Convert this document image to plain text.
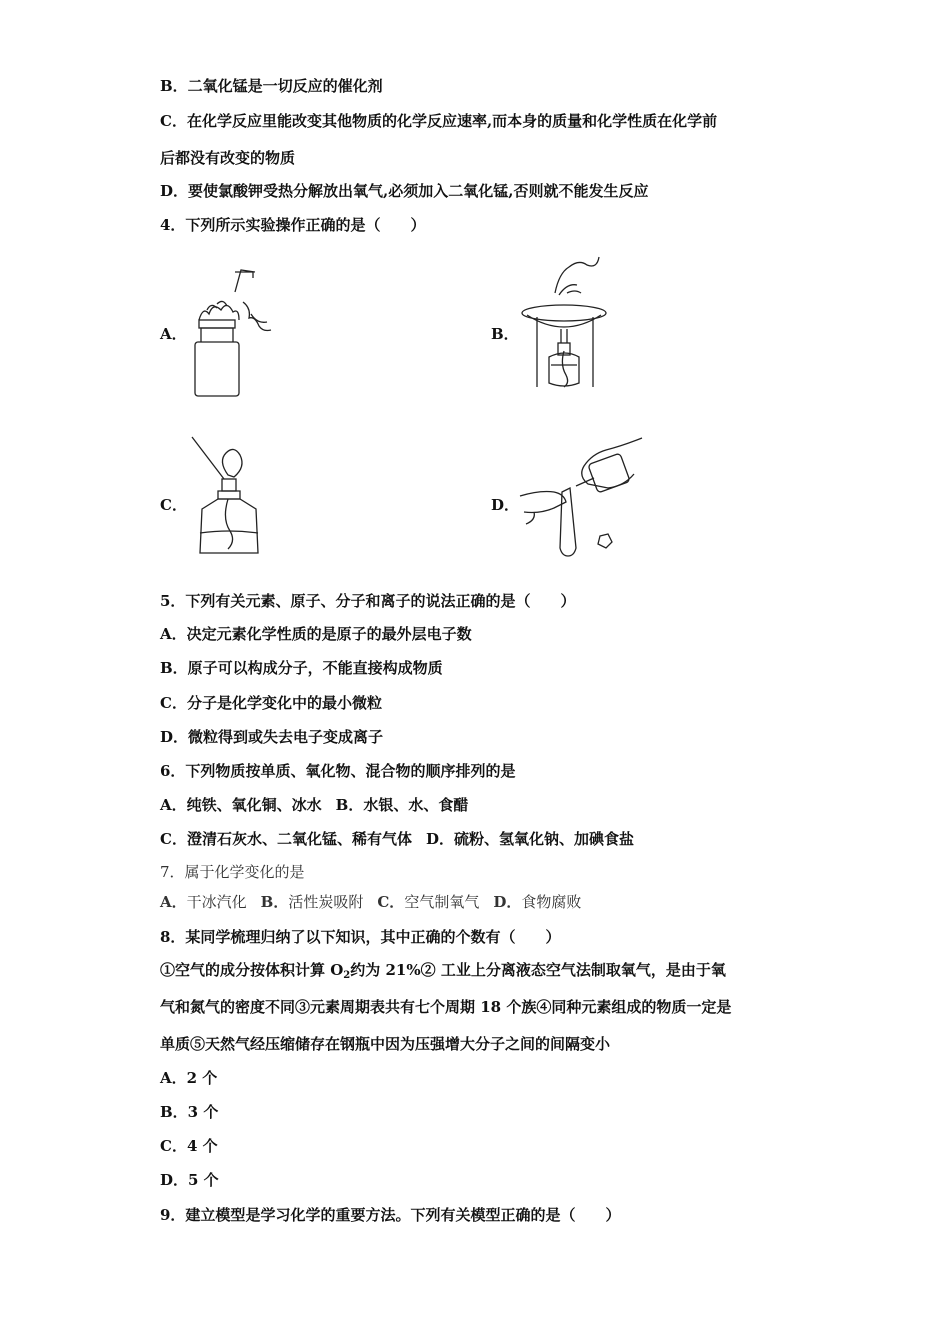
B．二氧化锰是一切反应的催化剂
C．在化学反应里能改变其他物质的化学反应速率,而本身的质量和化学性质在化学前
后都没有改变的物质
D．要使氯酸钾受热分解放出氧气,必须加入二氧化锰,否则就不能发生反应
4．下列所示实验操作正确的是（　　）
A．	B．
C．	D．
5．下列有关元素、原子、分子和离子的说法正确的是（　　）
A．决定元素化学性质的是原子的最外层电子数
B．原子可以构成分子，不能直接构成物质
C．分子是化学变化中的最小微粒
D．微粒得到或失去电子变成离子
6．下列物质按单质、氧化物、混合物的顺序排列的是
A．纯铁、氧化铜、冰水 B．水银、水、食醋
C．澄清石灰水、二氧化锰、稀有气体 D．硫粉、氢氧化钠、加碘食盐
7．属于化学变化的是
A．干冰汽化 B．活性炭吸附 C．空气制氧气 D．食物腐败
8．某同学梳理归纳了以下知识，其中正确的个数有（　　）
①空气的成分按体积计算 $O_2$约为 21%② 工业上分离液态空气法制取氧气，是由于氧
气和氮气的密度不同③元素周期表共有七个周期 18 个族④同种元素组成的物质一定是
单质⑤天然气经压缩储存在钢瓶中因为压强增大分子之间的间隔变小
A．2 个
B．3 个
C．4 个
D．5 个
9．建立模型是学习化学的重要方法。下列有关模型正确的是（　　）
